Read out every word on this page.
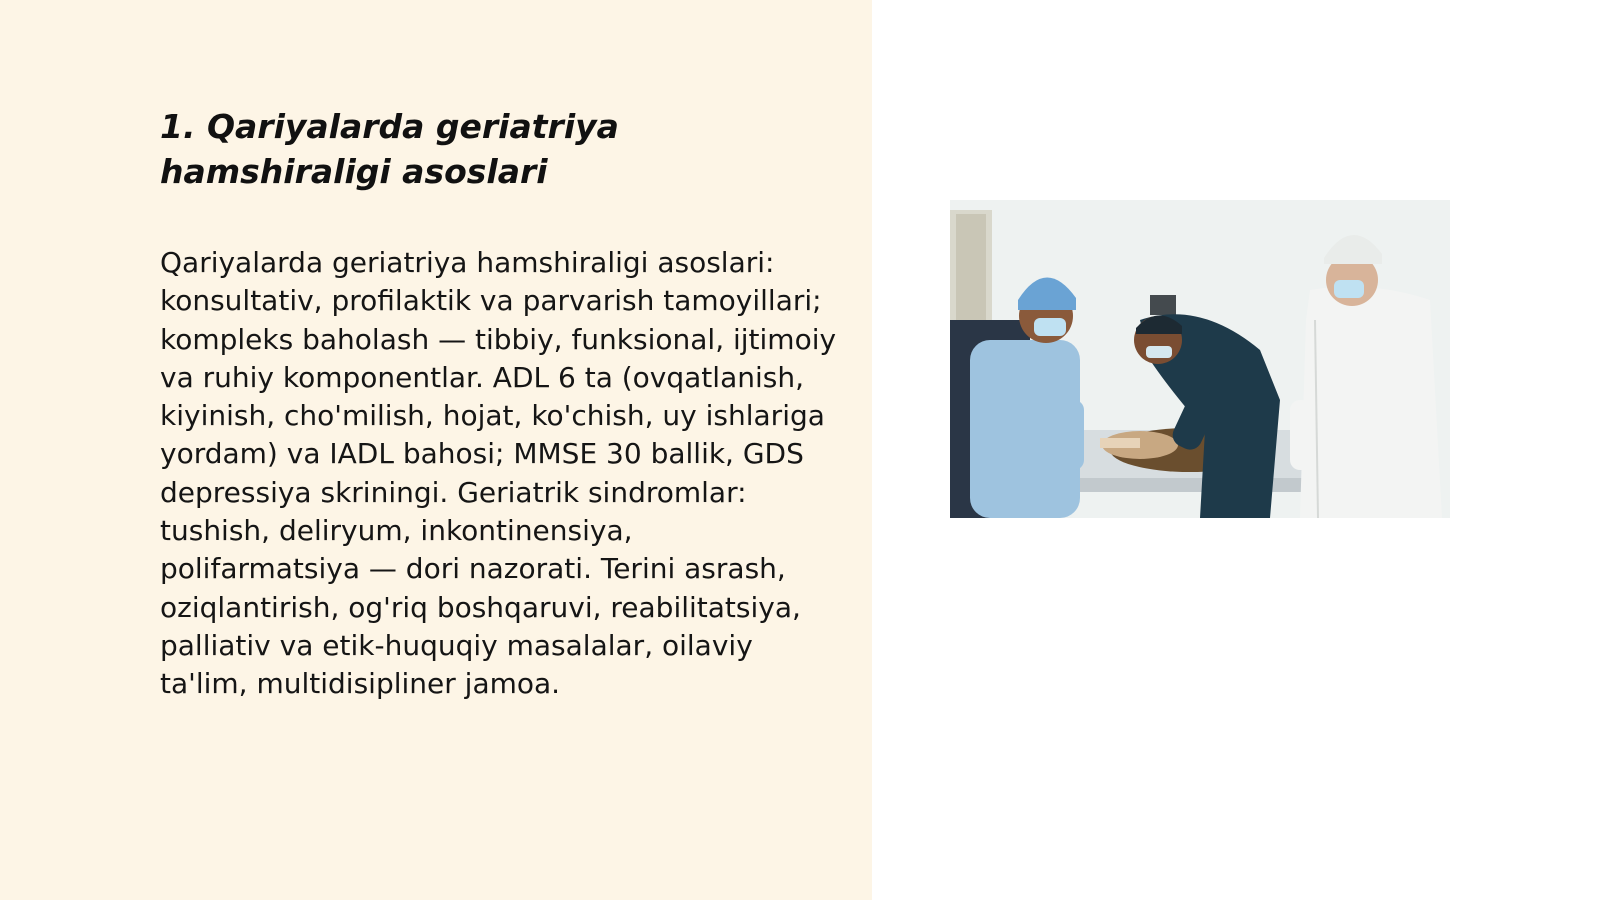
1. Qariyalarda geriatriya hamshiraligi asoslari

Qariyalarda geriatriya hamshiraligi asoslari: konsultativ, profilaktik va parvarish tamoyillari; kompleks baholash — tibbiy, funksional, ijtimoiy va ruhiy komponentlar. ADL 6 ta (ovqatlanish, kiyinish, cho'milish, hojat, ko'chish, uy ishlariga yordam) va IADL bahosi; MMSE 30 ballik, GDS depressiya skriningi. Geriatrik sindromlar: tushish, deliryum, inkontinensiya, polifarmatsiya — dori nazorati. Terini asrash, oziqlantirish, og'riq boshqaruvi, reabilitatsiya, palliativ va etik-huquqiy masalalar, oilaviy ta'lim, multidisipliner jamoa.
